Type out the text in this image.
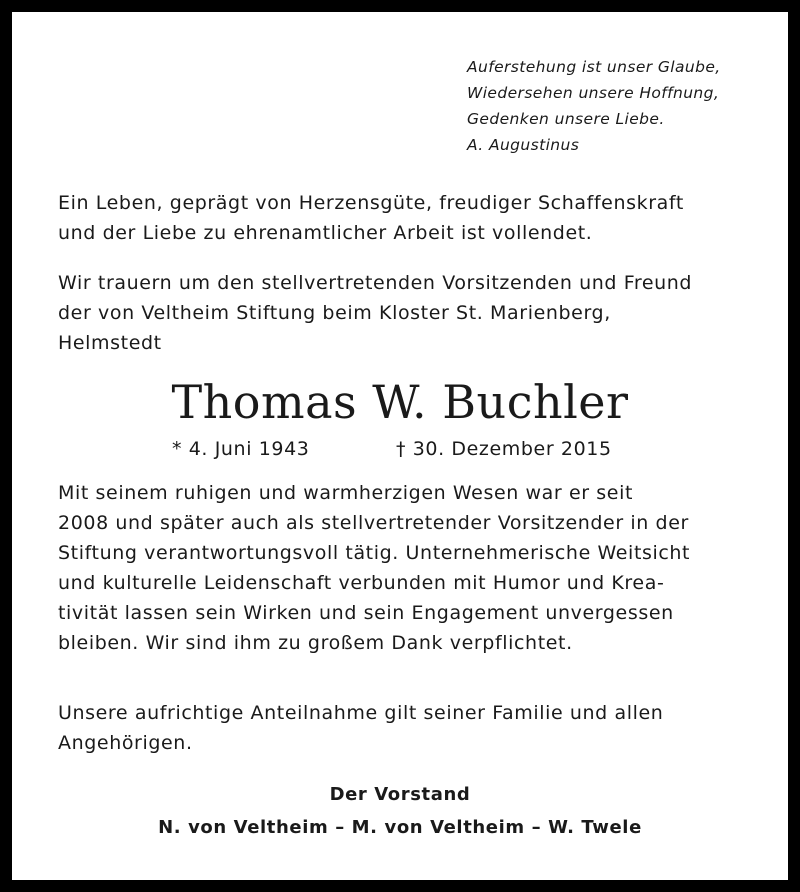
Auferstehung ist unser Glaube,
Wiedersehen unsere Hoffnung,
Gedenken unsere Liebe.
A. Augustinus
Ein Leben, geprägt von Herzensgüte, freudiger Schaffenskraft
und der Liebe zu ehrenamtlicher Arbeit ist vollendet.
Wir trauern um den stellvertretenden Vorsitzenden und Freund
der von Veltheim Stiftung beim Kloster St. Marienberg,
Helmstedt
Thomas W. Buchler
* 4. Juni 1943	† 30. Dezember 2015
Mit seinem ruhigen und warmherzigen Wesen war er seit
2008 und später auch als stellvertretender Vorsitzender in der
Stiftung verantwortungsvoll tätig. Unternehmerische Weitsicht
und kulturelle Leidenschaft verbunden mit Humor und Krea-
tivität lassen sein Wirken und sein Engagement unvergessen
bleiben. Wir sind ihm zu großem Dank verpflichtet.
Unsere aufrichtige Anteilnahme gilt seiner Familie und allen
Angehörigen.
Der Vorstand
N. von Veltheim – M. von Veltheim – W. Twele
